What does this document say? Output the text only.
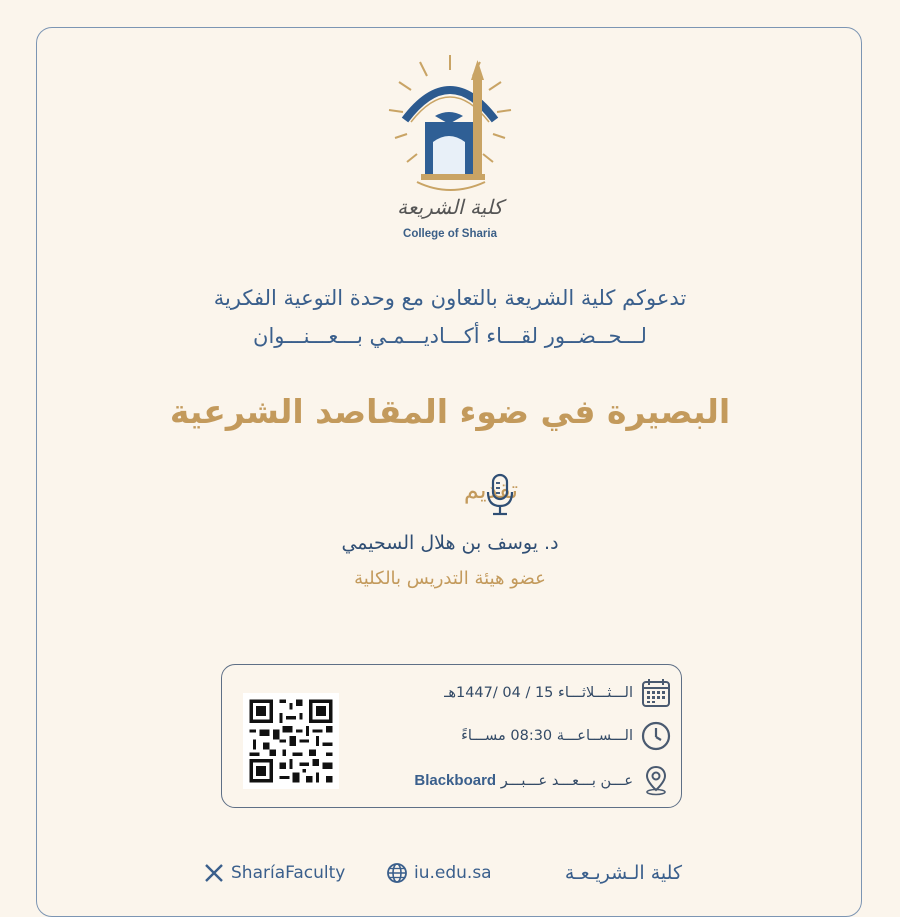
كلية الشريعة
College of Sharia
تدعوكم كلية الشريعة بالتعاون مع وحدة التوعية الفكرية
لـــحــضــور لقـــاء أكـــاديـــمـي بـــعـــنـــوان
البصيرة في ضوء المقاصد الشرعية
تقديم
د. يوسف بن هلال السحيمي
عضو هيئة التدريس بالكلية
الـــثـــلاثـــاء 15 / 04 /1447هـ
الـــســاعـــة 08:30 مســـاءً
عـــن بـــعـــد عـــبـــر Blackboard
SharíaFaculty	iu.edu.sa	كلية الـشريـعـة
